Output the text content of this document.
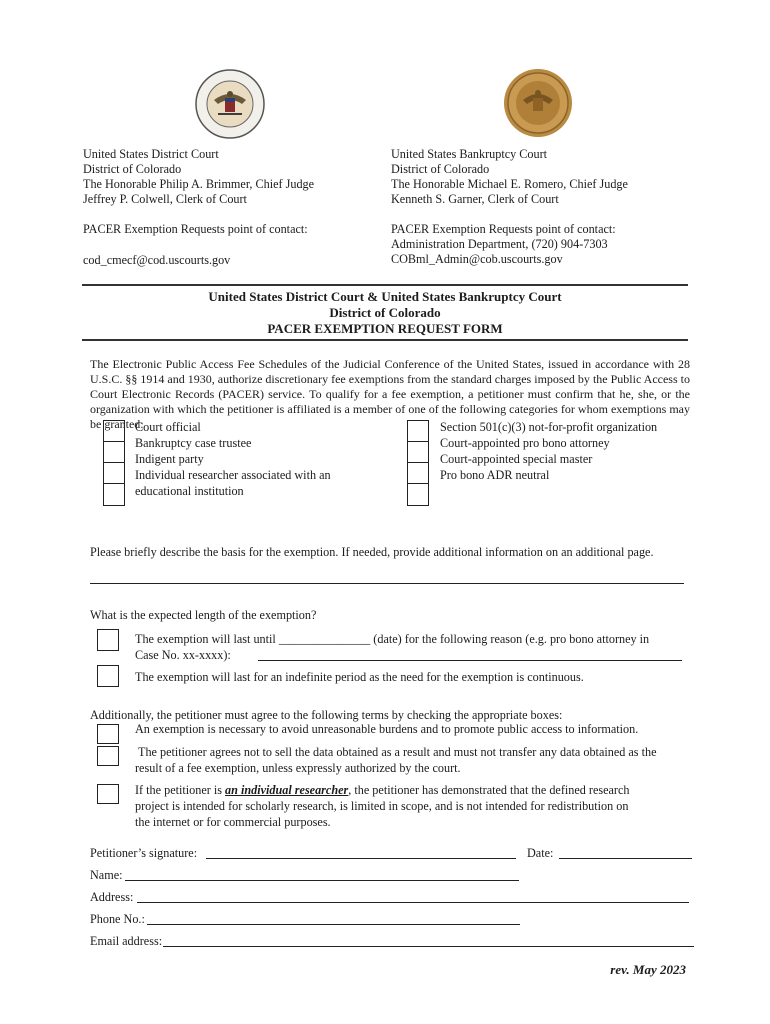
United States District Court
District of Colorado
The Honorable Philip A. Brimmer, Chief Judge
Jeffrey P. Colwell, Clerk of Court
PACER Exemption Requests point of contact:
cod_cmecf@cod.uscourts.gov
United States Bankruptcy Court
District of Colorado
The Honorable Michael E. Romero, Chief Judge
Kenneth S. Garner, Clerk of Court
PACER Exemption Requests point of contact:
Administration Department, (720) 904-7303
COBml_Admin@cob.uscourts.gov
United States District Court & United States Bankruptcy Court
District of Colorado
PACER EXEMPTION REQUEST FORM
The Electronic Public Access Fee Schedules of the Judicial Conference of the United States, issued in accordance with 28 U.S.C. §§ 1914 and 1930, authorize discretionary fee exemptions from the standard charges imposed by the Public Access to Court Electronic Records (PACER) service. To qualify for a fee exemption, a petitioner must confirm that he, she, or the organization with which the petitioner is affiliated is a member of one of the following categories for whom exemptions may be granted:
Court official
Bankruptcy case trustee
Indigent party
Individual researcher associated with an
educational institution
Section 501(c)(3) not-for-profit organization
Court-appointed pro bono attorney
Court-appointed special master
Pro bono ADR neutral
Please briefly describe the basis for the exemption. If needed, provide additional information on an additional page.
What is the expected length of the exemption?
The exemption will last until _______________ (date) for the following reason (e.g. pro bono attorney in
Case No. xx-xxxx):
The exemption will last for an indefinite period as the need for the exemption is continuous.
Additionally, the petitioner must agree to the following terms by checking the appropriate boxes:
An exemption is necessary to avoid unreasonable burdens and to promote public access to information.
The petitioner agrees not to sell the data obtained as a result and must not transfer any data obtained as the
result of a fee exemption, unless expressly authorized by the court.
If the petitioner is an individual researcher, the petitioner has demonstrated that the defined research
project is intended for scholarly research, is limited in scope, and is not intended for redistribution on
the internet or for commercial purposes.
Petitioner’s signature:	Date:
Name:
Address:
Phone No.:
Email address:
rev. May 2023
